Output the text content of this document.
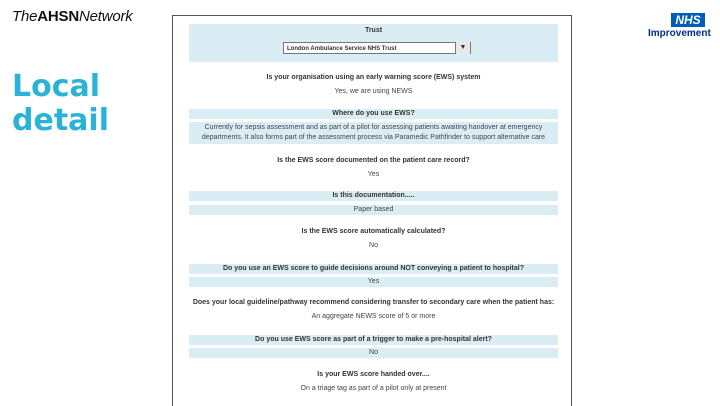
TheAHSNNetwork
Local
detail
NHS
Improvement
Trust
London Ambulance Service NHS Trust	▼
Is your organisation using an early warning score (EWS) system
Yes, we are using NEWS
Where do you use EWS?
Currently for sepsis assessment and as part of a pilot for assessing patients awaiting handover at emergency departments. It also forms part of the assessment process via Paramedic Pathfinder to support alternative care
Is the EWS score documented on the patient care record?
Yes
Is this documentation.....
Paper based
Is the EWS score automatically calculated?
No
Do you use an EWS score to guide decisions around NOT conveying a patient to hospital?
Yes
Does your local guideline/pathway recommend considering transfer to secondary care when the patient has:
An aggregate NEWS score of 5 or more
Do you use EWS score as part of a trigger to make a pre-hospital alert?
No
Is your EWS score handed over....
On a triage tag as part of a pilot only at present
